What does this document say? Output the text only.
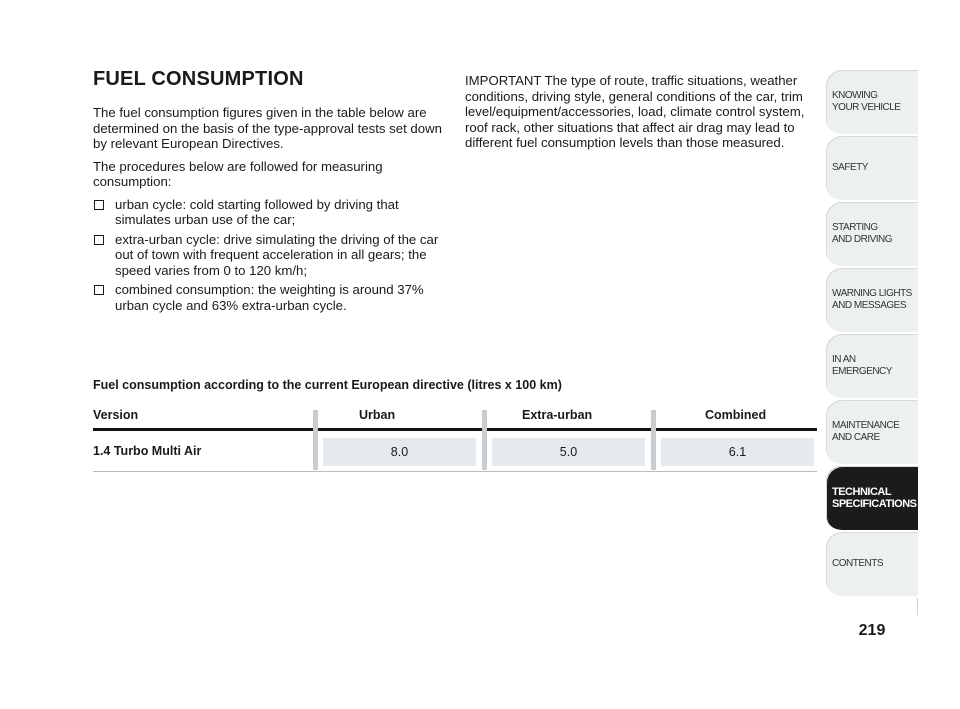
FUEL CONSUMPTION

The fuel consumption figures given in the table below are determined on the basis of the type-approval tests set down by relevant European Directives.

The procedures below are followed for measuring consumption:

urban cycle: cold starting followed by driving that simulates urban use of the car;
extra-urban cycle: drive simulating the driving of the car out of town with frequent acceleration in all gears; the speed varies from 0 to 120 km/h;
combined consumption: the weighting is around 37% urban cycle and 63% extra-urban cycle.

IMPORTANT The type of route, traffic situations, weather conditions, driving style, general conditions of the car, trim level/equipment/accessories, load, climate control system, roof rack, other situations that affect air drag may lead to different fuel consumption levels than those measured.

Fuel consumption according to the current European directive (litres x 100 km)
Version	Urban	Extra-urban	Combined
1.4 Turbo Multi Air	8.0	5.0	6.1
KNOWING
YOUR VEHICLE
SAFETY
STARTING
AND DRIVING
WARNING LIGHTS
AND MESSAGES
IN AN
EMERGENCY
MAINTENANCE
AND CARE
TECHNICAL
SPECIFICATIONS
CONTENTS
219
